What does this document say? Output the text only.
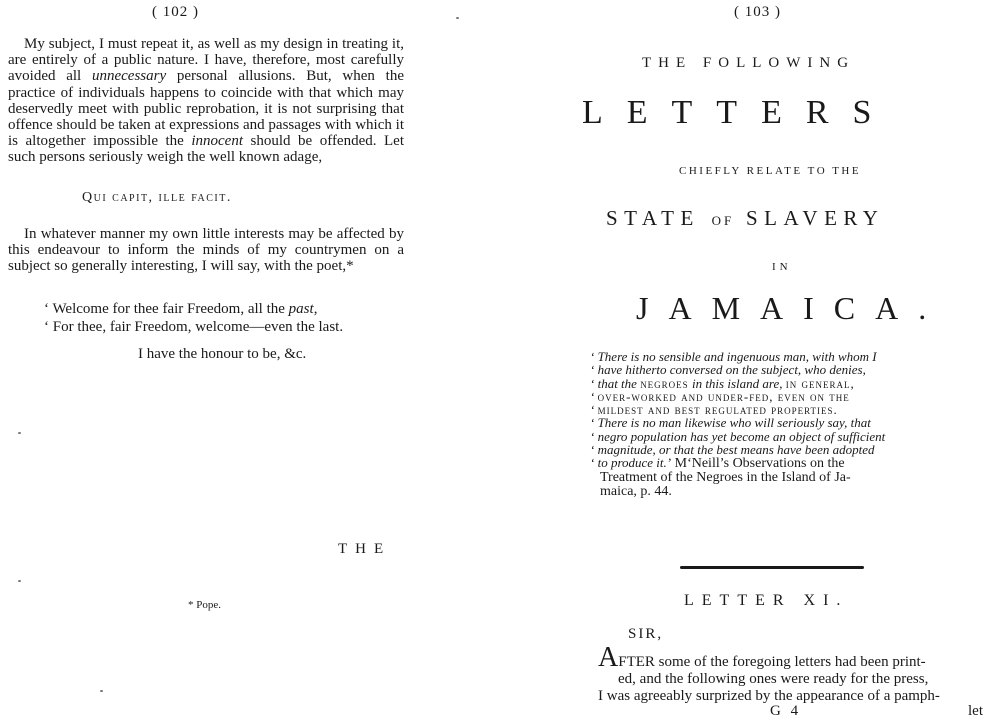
( 102 )

My subject, I must repeat it, as well as my design in treating it, are entirely of a public nature. I have, therefore, most carefully avoided all unnecessary personal allusions. But, when the practice of individuals happens to coincide with that which may deservedly meet with public reprobation, it is not surprising that offence should be taken at expressions and passages with which it is altogether impossible the innocent should be offended. Let such persons seriously weigh the well known adage,

Qui capit, ille facit.

In whatever manner my own little interests may be affected by this endeavour to inform the minds of my countrymen on a subject so generally interesting, I will say, with the poet,*

‘ Welcome for thee fair Freedom, all the past,
‘ For thee, fair Freedom, welcome—even the last.
I have the honour to be, &c.
THE
* Pope.
( 103 )
THE FOLLOWING
LETTERS
CHIEFLY RELATE TO THE
STATE OF SLAVERY
IN
JAMAICA.
‘ There is no sensible and ingenuous man, with whom I
‘ have hitherto conversed on the subject, who denies,
‘ that the negroes in this island are, in general,
‘ over-worked and under-fed, even on the
‘ mildest and best regulated properties.
‘ There is no man likewise who will seriously say, that
‘ negro population has yet become an object of sufficient
‘ magnitude, or that the best means have been adopted
‘ to produce it.’ M‘Neill’s Observations on the
Treatment of the Negroes in the Island of Ja-
maica, p. 44.
LETTER XI.
SIR,
AFTER some of the foregoing letters had been print-
ed, and the following ones were ready for the press,
I was agreeably surprized by the appearance of a pamph-
G 4	let
